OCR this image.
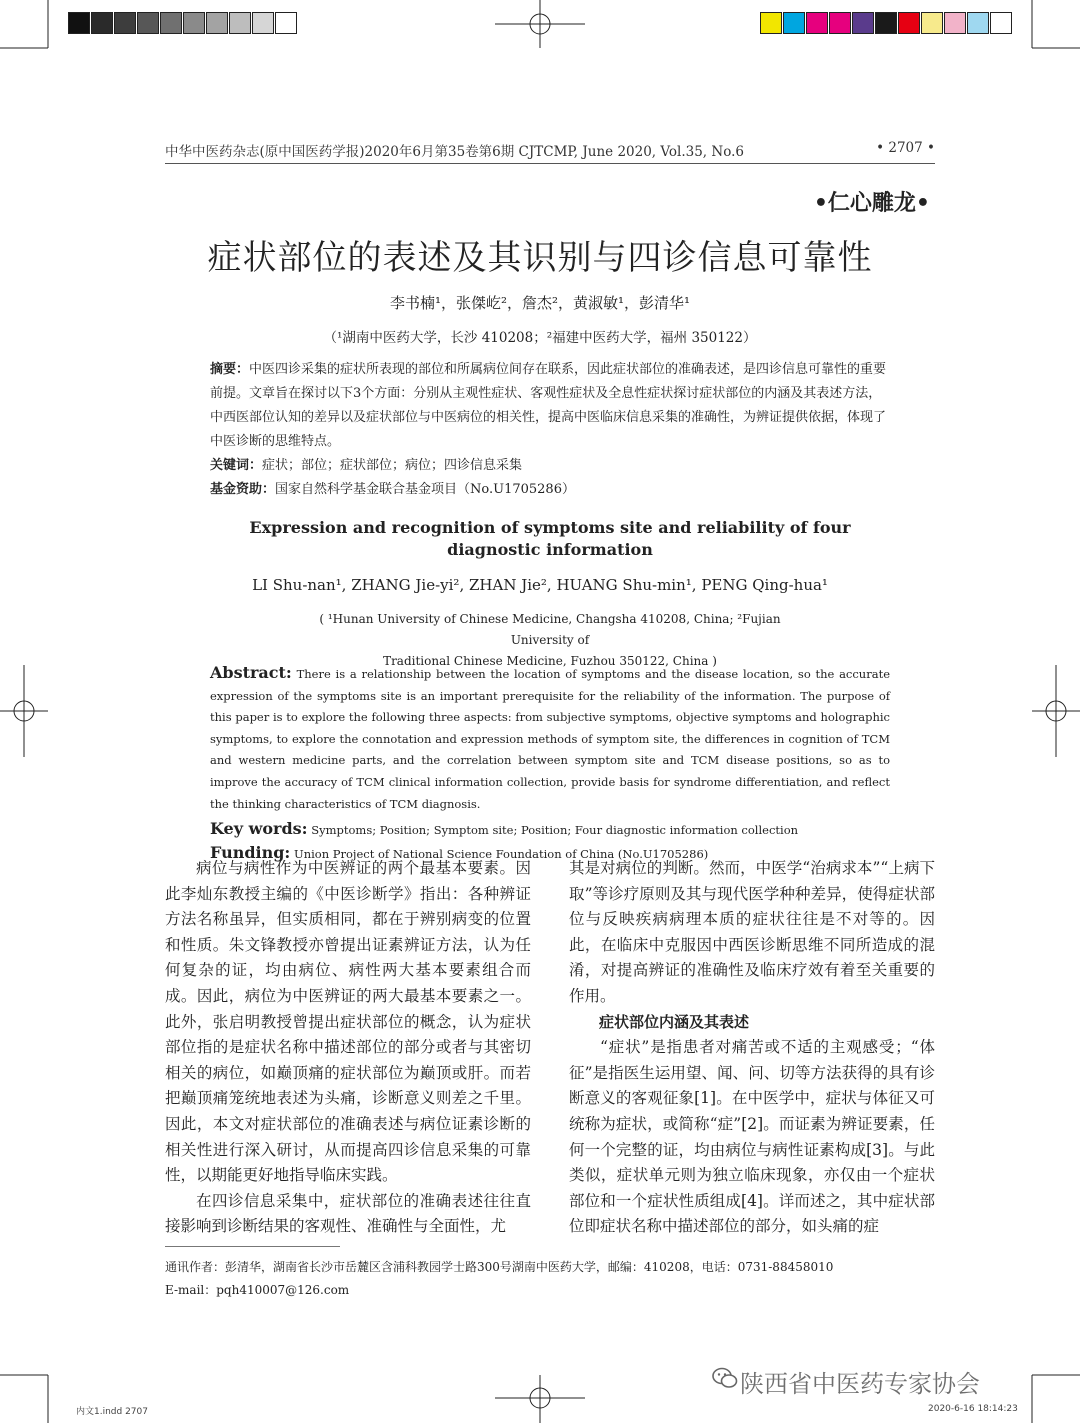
中华中医药杂志(原中国医药学报)2020年6月第35卷第6期 CJTCMP, June 2020, Vol.35, No.6	• 2707 •
•仁心雕龙•
症状部位的表述及其识别与四诊信息可靠性
李书楠¹，张傑屹²，詹杰²，黄淑敏¹，彭清华¹
（¹湖南中医药大学，长沙 410208；²福建中医药大学，福州 350122）
摘要：中医四诊采集的症状所表现的部位和所属病位间存在联系，因此症状部位的准确表述，是四诊信息可靠性的重要前提。文章旨在探讨以下3个方面：分别从主观性症状、客观性症状及全息性症状探讨症状部位的内涵及其表述方法，中西医部位认知的差异以及症状部位与中医病位的相关性，提高中医临床信息采集的准确性，为辨证提供依据，体现了中医诊断的思维特点。
关键词：症状；部位；症状部位；病位；四诊信息采集
基金资助：国家自然科学基金联合基金项目（No.U1705286）
Expression and recognition of symptoms site and reliability of four diagnostic information
LI Shu-nan¹, ZHANG Jie-yi², ZHAN Jie², HUANG Shu-min¹, PENG Qing-hua¹
( ¹Hunan University of Chinese Medicine, Changsha 410208, China; ²Fujian University of
Traditional Chinese Medicine, Fuzhou 350122, China )
Abstract: There is a relationship between the location of symptoms and the disease location, so the accurate expression of the symptoms site is an important prerequisite for the reliability of the information. The purpose of this paper is to explore the following three aspects: from subjective symptoms, objective symptoms and holographic symptoms, to explore the connotation and expression methods of symptom site, the differences in cognition of TCM and western medicine parts, and the correlation between symptom site and TCM disease positions, so as to improve the accuracy of TCM clinical information collection, provide basis for syndrome differentiation, and reflect the thinking characteristics of TCM diagnosis.
Key words: Symptoms; Position; Symptom site; Position; Four diagnostic information collection
Funding: Union Project of National Science Foundation of China (No.U1705286)

病位与病性作为中医辨证的两个最基本要素。因此李灿东教授主编的《中医诊断学》指出：各种辨证方法名称虽异，但实质相同，都在于辨别病变的位置和性质。朱文锋教授亦曾提出证素辨证方法，认为任何复杂的证，均由病位、病性两大基本要素组合而成。因此，病位为中医辨证的两大最基本要素之一。此外，张启明教授曾提出症状部位的概念，认为症状部位指的是症状名称中描述部位的部分或者与其密切相关的病位，如巅顶痛的症状部位为巅顶或肝。而若把巅顶痛笼统地表述为头痛，诊断意义则差之千里。因此，本文对症状部位的准确表述与病位证素诊断的相关性进行深入研讨，从而提高四诊信息采集的可靠性，以期能更好地指导临床实践。

在四诊信息采集中，症状部位的准确表述往往直接影响到诊断结果的客观性、准确性与全面性，尤

其是对病位的判断。然而，中医学“治病求本”“上病下取”等诊疗原则及其与现代医学种种差异，使得症状部位与反映疾病病理本质的症状往往是不对等的。因此，在临床中克服因中西医诊断思维不同所造成的混淆，对提高辨证的准确性及临床疗效有着至关重要的作用。

症状部位内涵及其表述

“症状”是指患者对痛苦或不适的主观感受；“体征”是指医生运用望、闻、问、切等方法获得的具有诊断意义的客观征象[1]。在中医学中，症状与体征又可统称为症状，或简称“症”[2]。而证素为辨证要素，任何一个完整的证，均由病位与病性证素构成[3]。与此类似，症状单元则为独立临床现象，亦仅由一个症状部位和一个症状性质组成[4]。详而述之，其中症状部位即症状名称中描述部位的部分，如头痛的症

通讯作者：彭清华，湖南省长沙市岳麓区含浦科教园学士路300号湖南中医药大学，邮编：410208，电话：0731-88458010
E-mail：pqh410007@126.com
陕西省中医药专家协会
内文1.indd 2707	2020-6-16 18:14:23
